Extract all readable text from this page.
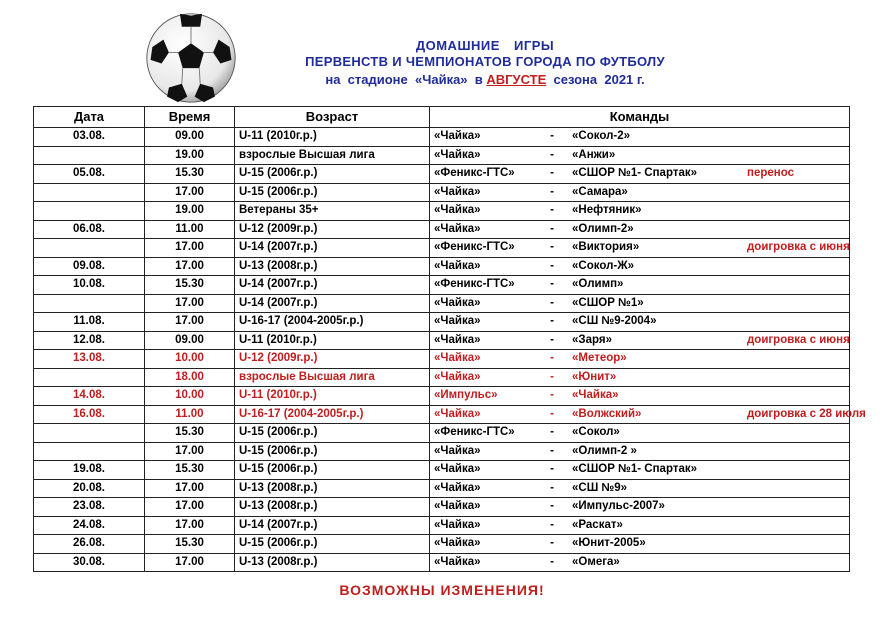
ДОМАШНИЕ ИГРЫ
ПЕРВЕНСТВ И ЧЕМПИОНАТОВ ГОРОДА ПО ФУТБОЛУ
на  стадионе  «Чайка»  в АВГУСТЕ  сезона  2021 г.
Дата	Время	Возраст	Команды
03.08.	09.00	U-11 (2010г.р.)	«Чайка» - «Сокол-2»
	19.00	взрослые Высшая лига	«Чайка» - «Анжи»
05.08.	15.30	U-15 (2006г.р.)	«Феникс-ГТС» - «СШОР №1- Спартак» перенос
	17.00	U-15 (2006г.р.)	«Чайка» - «Самара»
	19.00	Ветераны 35+	«Чайка» - «Нефтяник»
06.08.	11.00	U-12 (2009г.р.)	«Чайка» - «Олимп-2»
	17.00	U-14 (2007г.р.)	«Феникс-ГТС» - «Виктория» доигровка с июня
09.08.	17.00	U-13 (2008г.р.)	«Чайка» - «Сокол-Ж»
10.08.	15.30	U-14 (2007г.р.)	«Феникс-ГТС» - «Олимп»
	17.00	U-14 (2007г.р.)	«Чайка» - «СШОР №1»
11.08.	17.00	U-16-17 (2004-2005г.р.)	«Чайка» - «СШ №9-2004»
12.08.	09.00	U-11 (2010г.р.)	«Чайка» - «Заря» доигровка с июня
13.08.	10.00	U-12 (2009г.р.)	«Чайка» - «Метеор»
	18.00	взрослые Высшая лига	«Чайка» - «Юнит»
14.08.	10.00	U-11 (2010г.р.)	«Импульс» - «Чайка»
16.08.	11.00	U-16-17 (2004-2005г.р.)	«Чайка» - «Волжский» доигровка с 28 июля
	15.30	U-15 (2006г.р.)	«Феникс-ГТС» - «Сокол»
	17.00	U-15 (2006г.р.)	«Чайка» - «Олимп-2 »
19.08.	15.30	U-15 (2006г.р.)	«Чайка» - «СШОР №1- Спартак»
20.08.	17.00	U-13 (2008г.р.)	«Чайка» - «СШ №9»
23.08.	17.00	U-13 (2008г.р.)	«Чайка» - «Импульс-2007»
24.08.	17.00	U-14 (2007г.р.)	«Чайка» - «Раскат»
26.08.	15.30	U-15 (2006г.р.)	«Чайка» - «Юнит-2005»
30.08.	17.00	U-13 (2008г.р.)	«Чайка» - «Омега»
ВОЗМОЖНЫ ИЗМЕНЕНИЯ!
